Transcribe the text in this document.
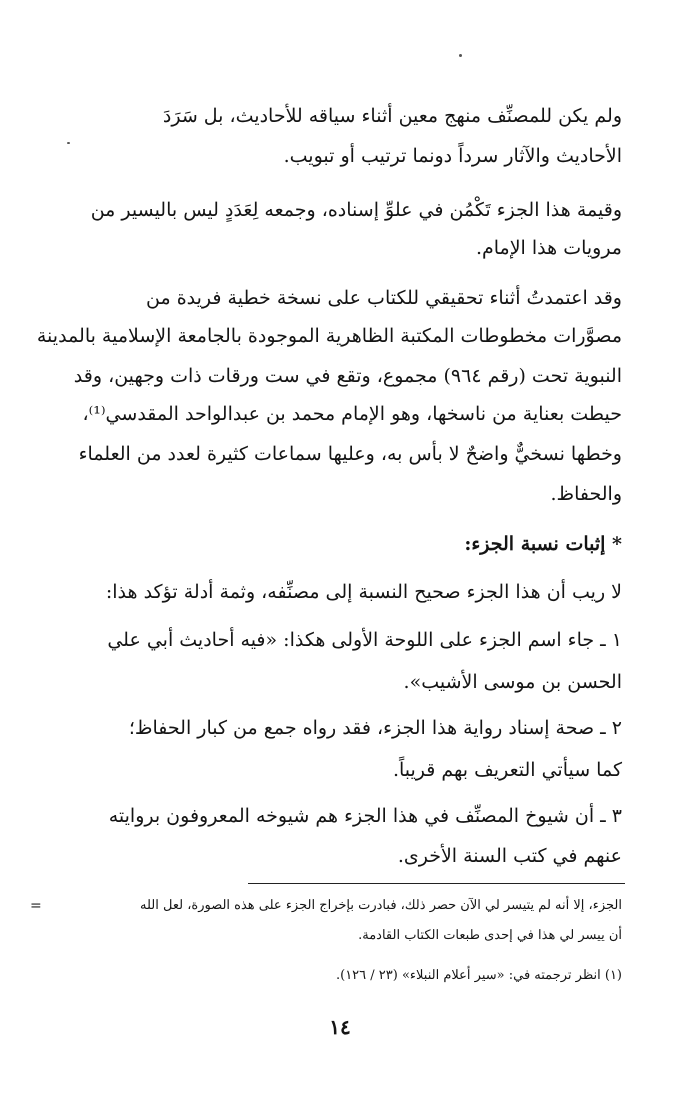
ولم يكن للمصنِّف منهج معين أثناء سياقه للأحاديث، بل سَرَدَ
الأحاديث والآثار سرداً دونما ترتيب أو تبويب.
وقيمة هذا الجزء تَكْمُن في علوِّ إسناده، وجمعه لِعَدَدٍ ليس باليسير من
مرويات هذا الإمام.
وقد اعتمدتُ أثناء تحقيقي للكتاب على نسخة خطية فريدة من
مصوَّرات مخطوطات المكتبة الظاهرية الموجودة بالجامعة الإسلامية بالمدينة
النبوية تحت (رقم ٩٦٤) مجموع، وتقع في ست ورقات ذات وجهين، وقد
حيطت بعناية من ناسخها، وهو الإمام محمد بن عبدالواحد المقدسي⁽¹⁾،
وخطها نسخيٌّ واضحٌ لا بأس به، وعليها سماعات كثيرة لعدد من العلماء
والحفاظ.
* إثبات نسبة الجزء:
لا ريب أن هذا الجزء صحيح النسبة إلى مصنِّفه، وثمة أدلة تؤكد هذا:
١ ـ جاء اسم الجزء على اللوحة الأولى هكذا: «فيه أحاديث أبي علي
الحسن بن موسى الأشيب».
٢ ـ صحة إسناد رواية هذا الجزء، فقد رواه جمع من كبار الحفاظ؛
كما سيأتي التعريف بهم قريباً.
٣ ـ أن شيوخ المصنِّف في هذا الجزء هم شيوخه المعروفون بروايته
عنهم في كتب السنة الأخرى.
=	الجزء، إلا أنه لم يتيسر لي الآن حصر ذلك، فبادرت بإخراج الجزء على هذه الصورة، لعل الله
أن ييسر لي هذا في إحدى طبعات الكتاب القادمة.
(١) انظر ترجمته في: «سير أعلام النبلاء» (٢٣ / ١٢٦).
١٤
